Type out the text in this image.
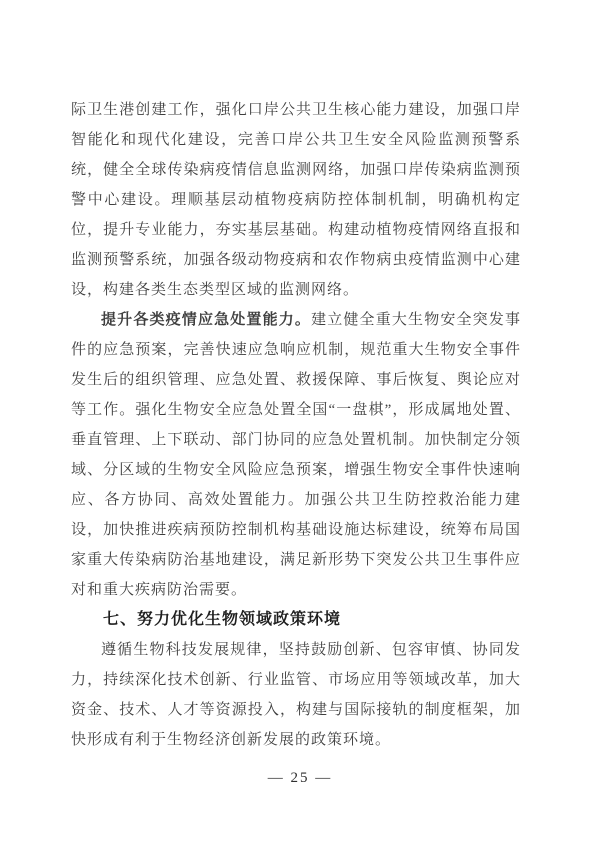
际卫生港创建工作，强化口岸公共卫生核心能力建设，加强口岸智能化和现代化建设，完善口岸公共卫生安全风险监测预警系统，健全全球传染病疫情信息监测网络，加强口岸传染病监测预警中心建设。理顺基层动植物疫病防控体制机制，明确机构定位，提升专业能力，夯实基层基础。构建动植物疫情网络直报和监测预警系统，加强各级动物疫病和农作物病虫疫情监测中心建设，构建各类生态类型区域的监测网络。

提升各类疫情应急处置能力。建立健全重大生物安全突发事件的应急预案，完善快速应急响应机制，规范重大生物安全事件发生后的组织管理、应急处置、救援保障、事后恢复、舆论应对等工作。强化生物安全应急处置全国“一盘棋”，形成属地处置、垂直管理、上下联动、部门协同的应急处置机制。加快制定分领域、分区域的生物安全风险应急预案，增强生物安全事件快速响应、各方协同、高效处置能力。加强公共卫生防控救治能力建设，加快推进疾病预防控制机构基础设施达标建设，统筹布局国家重大传染病防治基地建设，满足新形势下突发公共卫生事件应对和重大疾病防治需要。

七、努力优化生物领域政策环境

遵循生物科技发展规律，坚持鼓励创新、包容审慎、协同发力，持续深化技术创新、行业监管、市场应用等领域改革，加大资金、技术、人才等资源投入，构建与国际接轨的制度框架，加快形成有利于生物经济创新发展的政策环境。

— 25 —
